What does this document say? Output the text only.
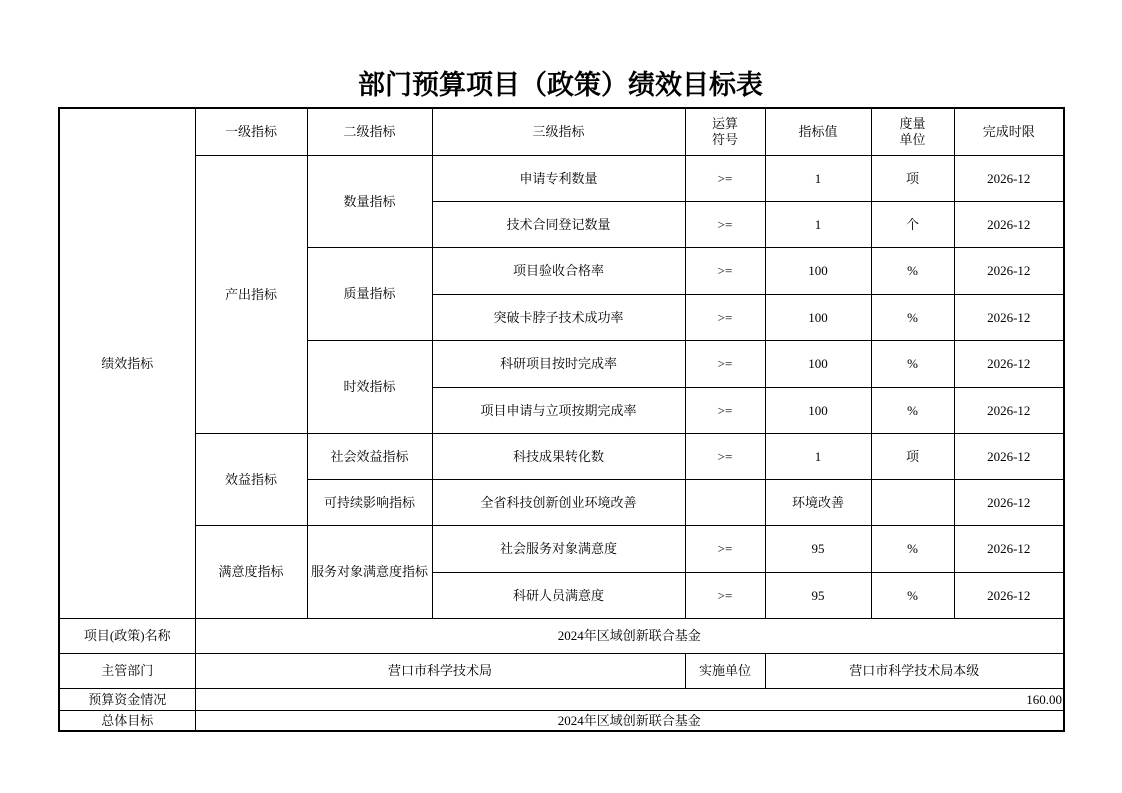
部门预算项目（政策）绩效目标表
绩效指标	一级指标	二级指标	三级指标	运算符号	指标值	度量单位	完成时限
	产出指标	数量指标	申请专利数量	>=	1	项	2026-12
			技术合同登记数量	>=	1	个	2026-12
		质量指标	项目验收合格率	>=	100	%	2026-12
			突破卡脖子技术成功率	>=	100	%	2026-12
		时效指标	科研项目按时完成率	>=	100	%	2026-12
			项目申请与立项按期完成率	>=	100	%	2026-12
	效益指标	社会效益指标	科技成果转化数	>=	1	项	2026-12
		可持续影响指标	全省科技创新创业环境改善		环境改善		2026-12
	满意度指标	服务对象满意度指标	社会服务对象满意度	>=	95	%	2026-12
			科研人员满意度	>=	95	%	2026-12
项目(政策)名称	2024年区域创新联合基金						
主管部门	营口市科学技术局			实施单位	营口市科学技术局本级		
预算资金情况	160.00						
总体目标	2024年区域创新联合基金						
